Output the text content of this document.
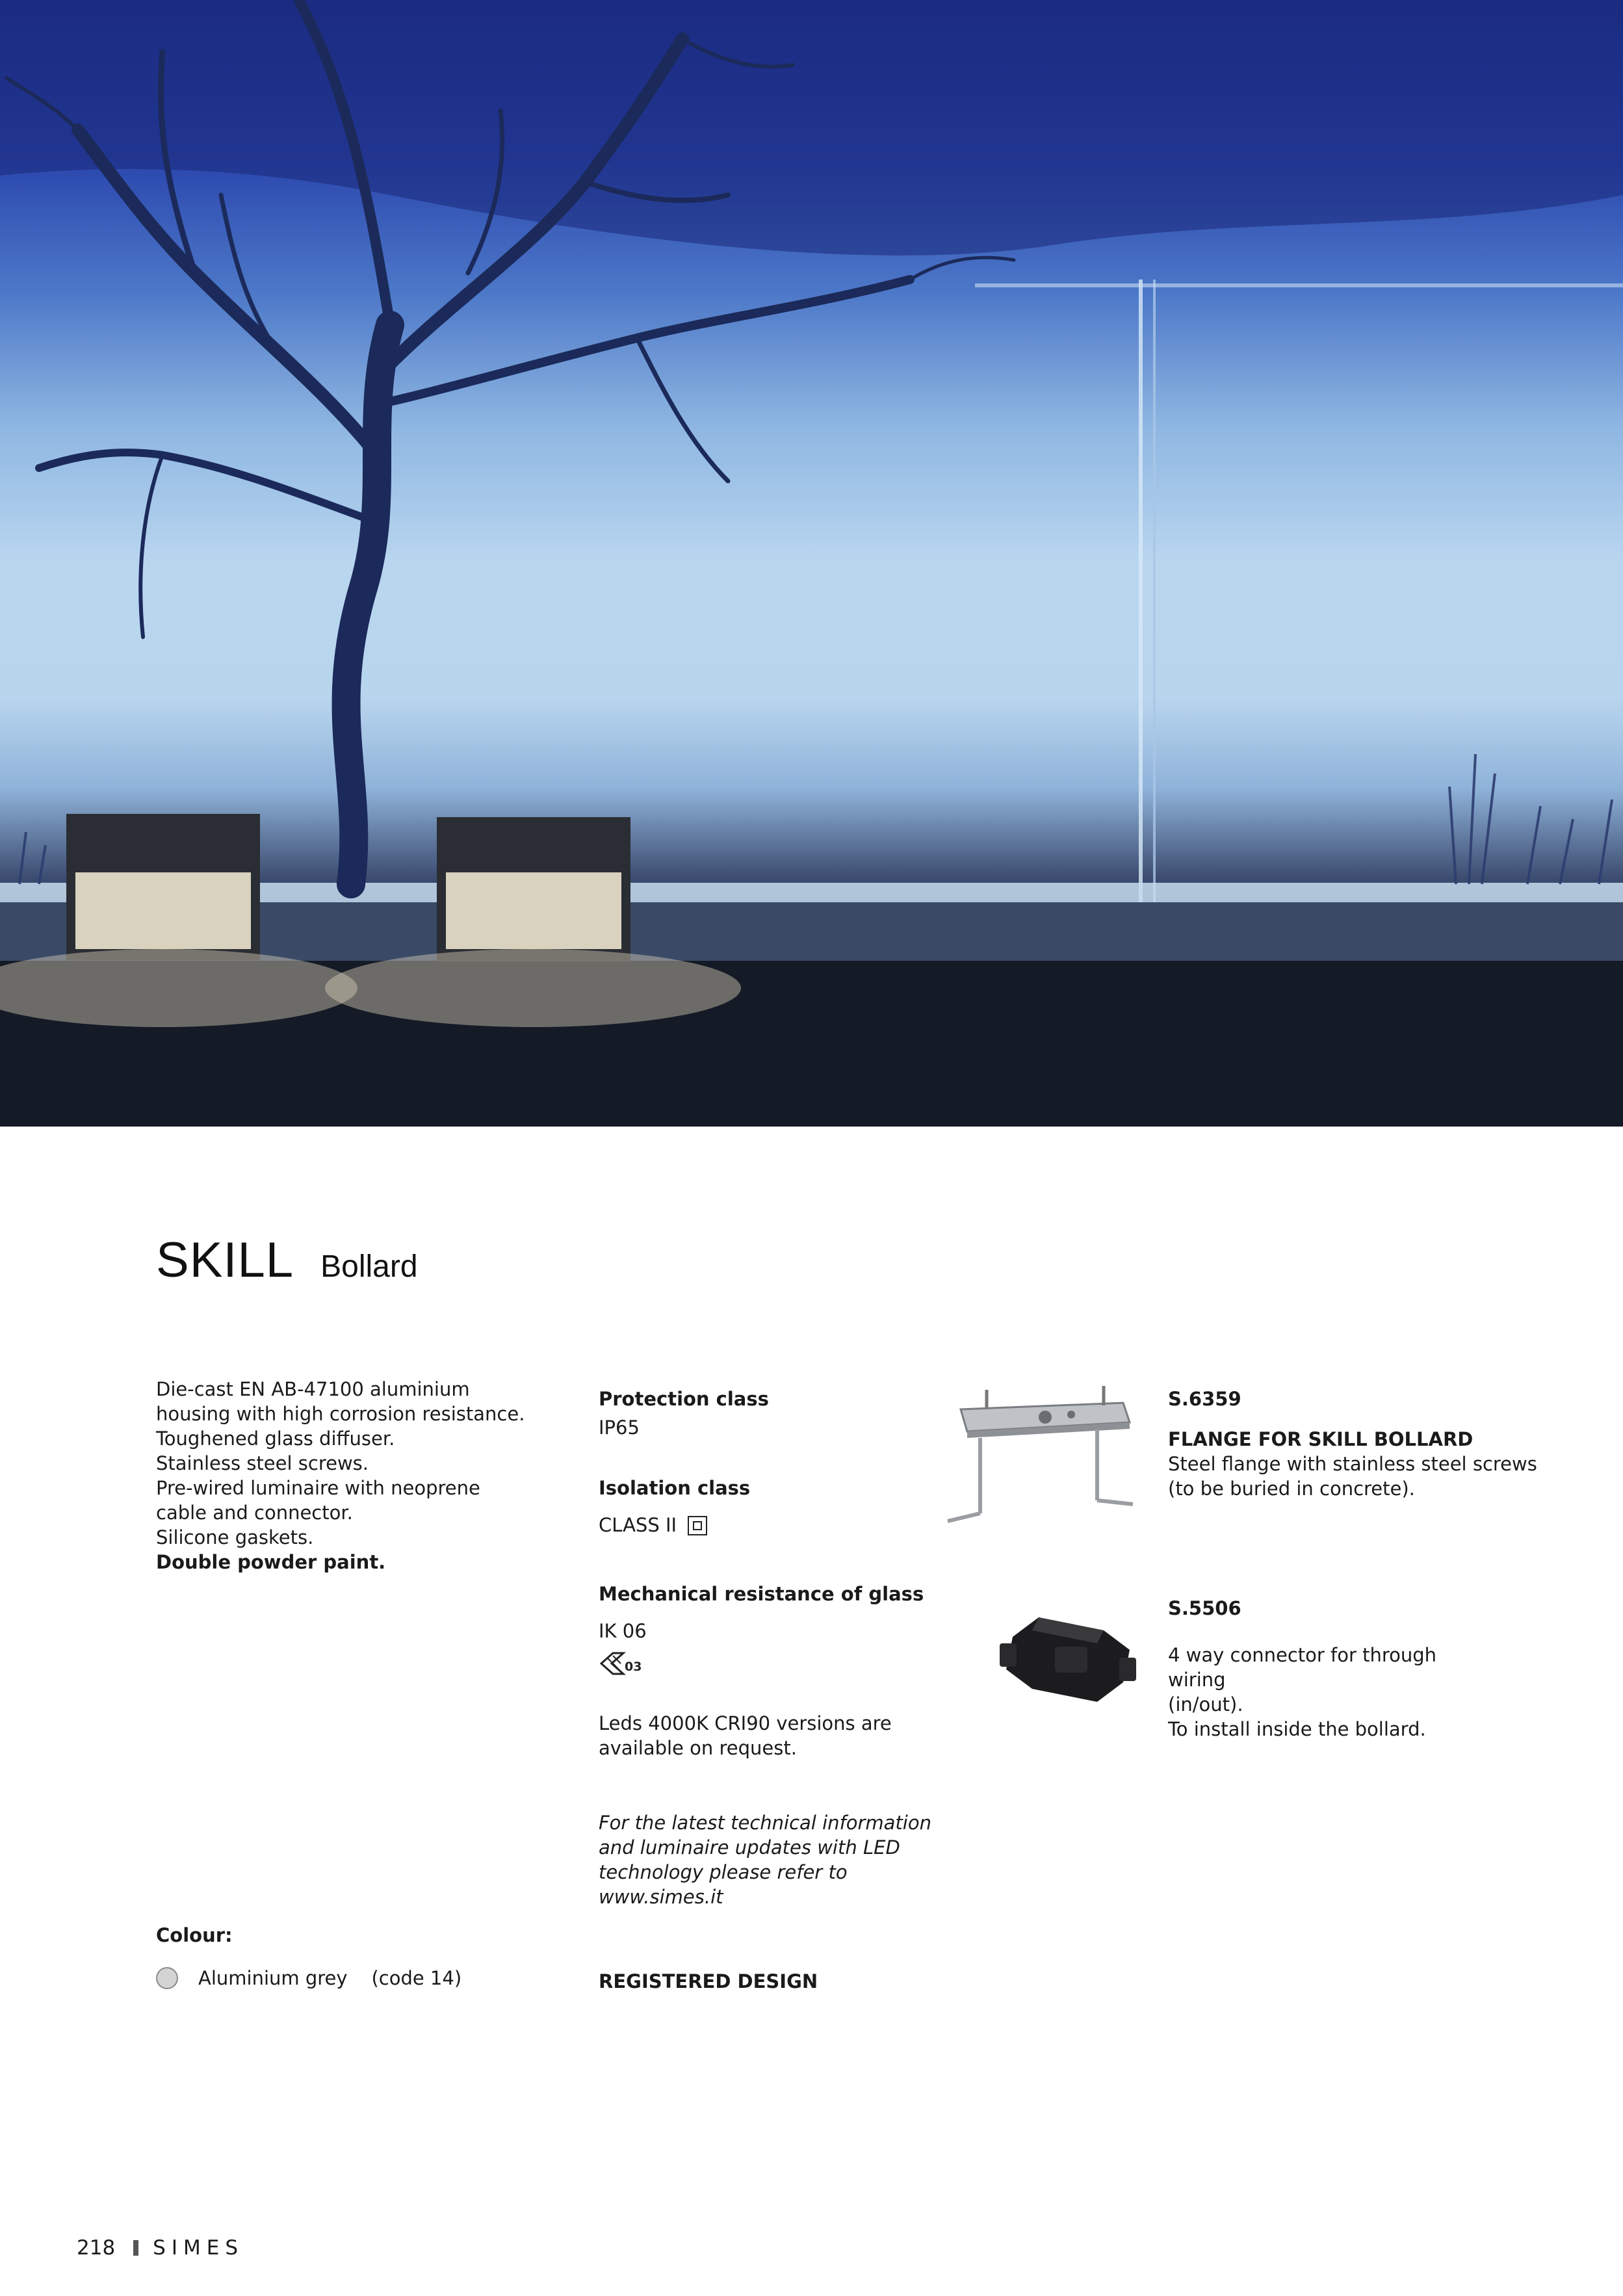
SKILL Bollard
Die-cast EN AB-47100 aluminium
housing with high corrosion resistance.
Toughened glass diffuser.
Stainless steel screws.
Pre-wired luminaire with neoprene
cable and connector.
Silicone gaskets.
Double powder paint.
Colour:
Aluminium grey (code 14)
Protection class
IP65
Isolation class
CLASS II
Mechanical resistance of glass
IK 06
03
Leds 4000K CRI90 versions are
available on request.
For the latest technical information
and luminaire updates with LED
technology please refer to
www.simes.it
REGISTERED DESIGN
S.6359
FLANGE FOR SKILL BOLLARD
Steel flange with stainless steel screws
(to be buried in concrete).
S.5506
4 way connector for through
wiring
(in/out).
To install inside the bollard.
218 SIMES
